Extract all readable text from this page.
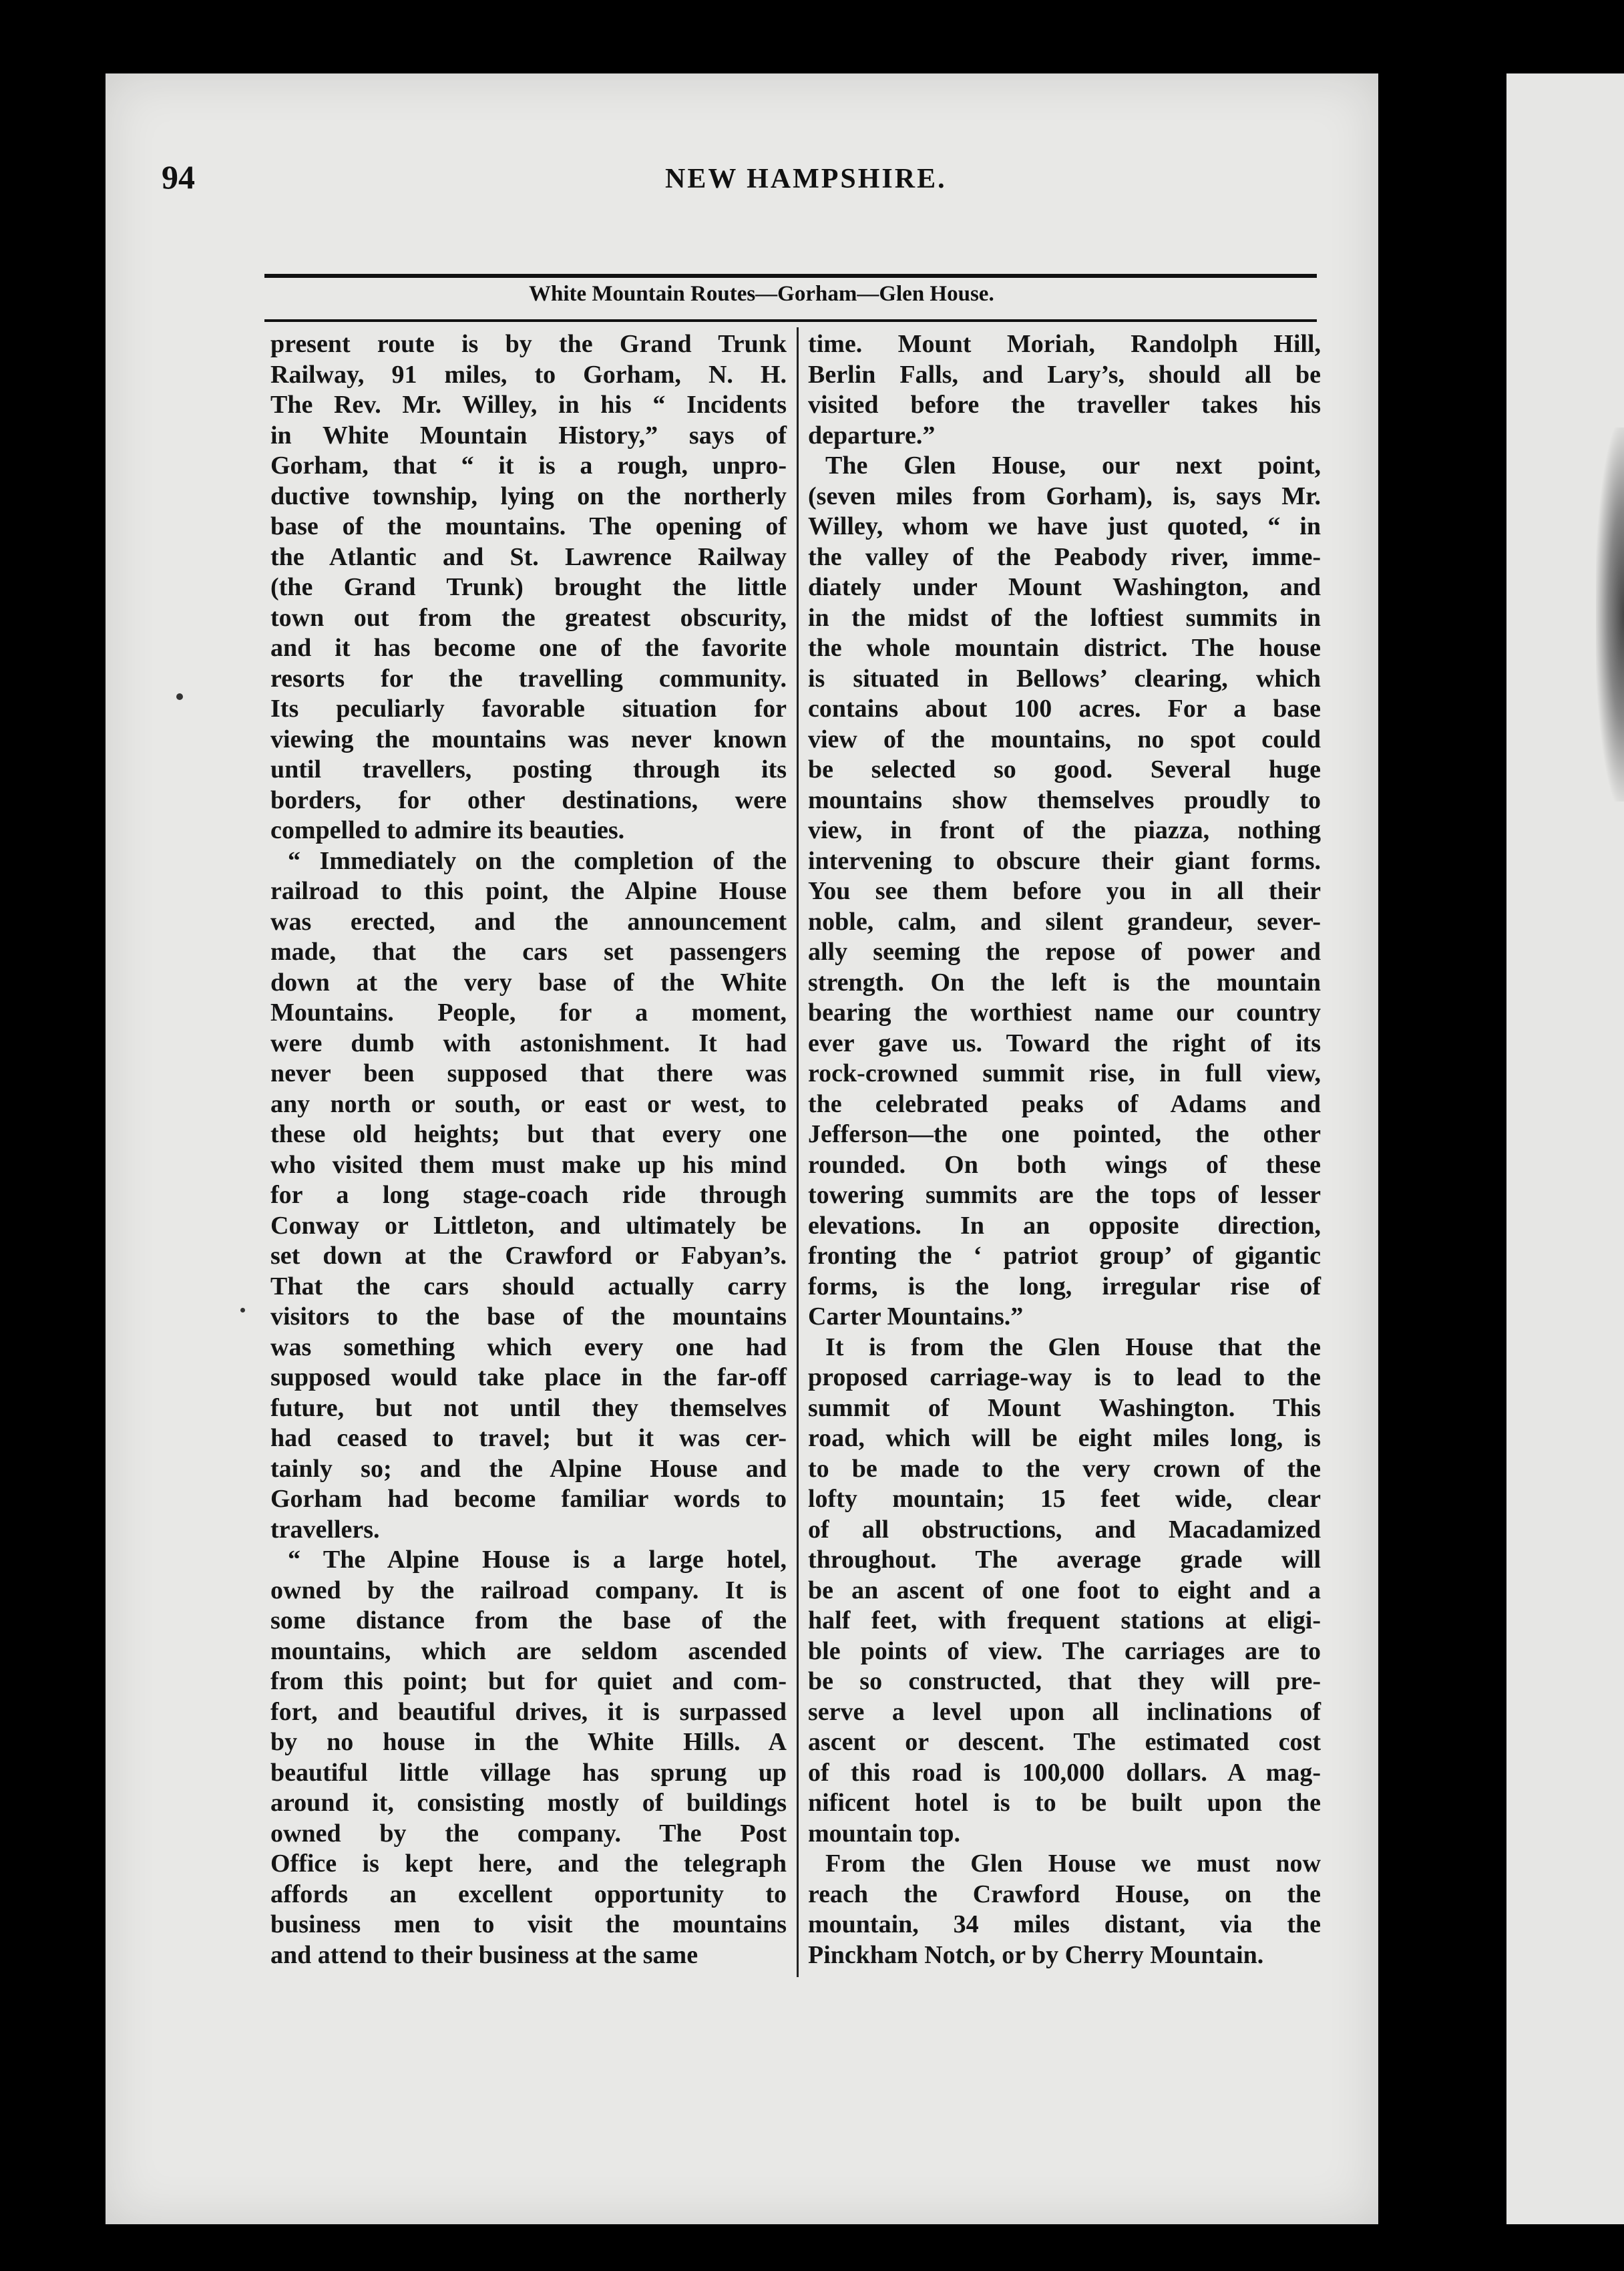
94	NEW HAMPSHIRE.
White Mountain Routes—Gorham—Glen House.
present route is by the Grand Trunk
Railway, 91 miles, to Gorham, N. H.
The Rev. Mr. Willey, in his “ Incidents
in White Mountain History,” says of
Gorham, that “ it is a rough, unpro-
ductive township, lying on the northerly
base of the mountains. The opening of
the Atlantic and St. Lawrence Railway
(the Grand Trunk) brought the little
town out from the greatest obscurity,
and it has become one of the favorite
resorts for the travelling community.
Its peculiarly favorable situation for
viewing the mountains was never known
until travellers, posting through its
borders, for other destinations, were
compelled to admire its beauties.
“ Immediately on the completion of the
railroad to this point, the Alpine House
was erected, and the announcement
made, that the cars set passengers
down at the very base of the White
Mountains. People, for a moment,
were dumb with astonishment. It had
never been supposed that there was
any north or south, or east or west, to
these old heights; but that every one
who visited them must make up his mind
for a long stage-coach ride through
Conway or Littleton, and ultimately be
set down at the Crawford or Fabyan’s.
That the cars should actually carry
visitors to the base of the mountains
was something which every one had
supposed would take place in the far-off
future, but not until they themselves
had ceased to travel; but it was cer-
tainly so; and the Alpine House and
Gorham had become familiar words to
travellers.
“ The Alpine House is a large hotel,
owned by the railroad company. It is
some distance from the base of the
mountains, which are seldom ascended
from this point; but for quiet and com-
fort, and beautiful drives, it is surpassed
by no house in the White Hills. A
beautiful little village has sprung up
around it, consisting mostly of buildings
owned by the company. The Post
Office is kept here, and the telegraph
affords an excellent opportunity to
business men to visit the mountains
and attend to their business at the same
time. Mount Moriah, Randolph Hill,
Berlin Falls, and Lary’s, should all be
visited before the traveller takes his
departure.”
The Glen House, our next point,
(seven miles from Gorham), is, says Mr.
Willey, whom we have just quoted, “ in
the valley of the Peabody river, imme-
diately under Mount Washington, and
in the midst of the loftiest summits in
the whole mountain district. The house
is situated in Bellows’ clearing, which
contains about 100 acres. For a base
view of the mountains, no spot could
be selected so good. Several huge
mountains show themselves proudly to
view, in front of the piazza, nothing
intervening to obscure their giant forms.
You see them before you in all their
noble, calm, and silent grandeur, sever-
ally seeming the repose of power and
strength. On the left is the mountain
bearing the worthiest name our country
ever gave us. Toward the right of its
rock-crowned summit rise, in full view,
the celebrated peaks of Adams and
Jefferson—the one pointed, the other
rounded. On both wings of these
towering summits are the tops of lesser
elevations. In an opposite direction,
fronting the ‘ patriot group’ of gigantic
forms, is the long, irregular rise of
Carter Mountains.”
It is from the Glen House that the
proposed carriage-way is to lead to the
summit of Mount Washington. This
road, which will be eight miles long, is
to be made to the very crown of the
lofty mountain; 15 feet wide, clear
of all obstructions, and Macadamized
throughout. The average grade will
be an ascent of one foot to eight and a
half feet, with frequent stations at eligi-
ble points of view. The carriages are to
be so constructed, that they will pre-
serve a level upon all inclinations of
ascent or descent. The estimated cost
of this road is 100,000 dollars. A mag-
nificent hotel is to be built upon the
mountain top.
From the Glen House we must now
reach the Crawford House, on the
mountain, 34 miles distant, via the
Pinckham Notch, or by Cherry Mountain.
Rou
by the
throug
towns
mouth,
land w
to Gorl
Rou
by stea
THE W
Thes
about
New H
White
hood, g
the ha
Mount
and fr
contra-
range.
have m
east, to
group, v
and Cor
at the C
